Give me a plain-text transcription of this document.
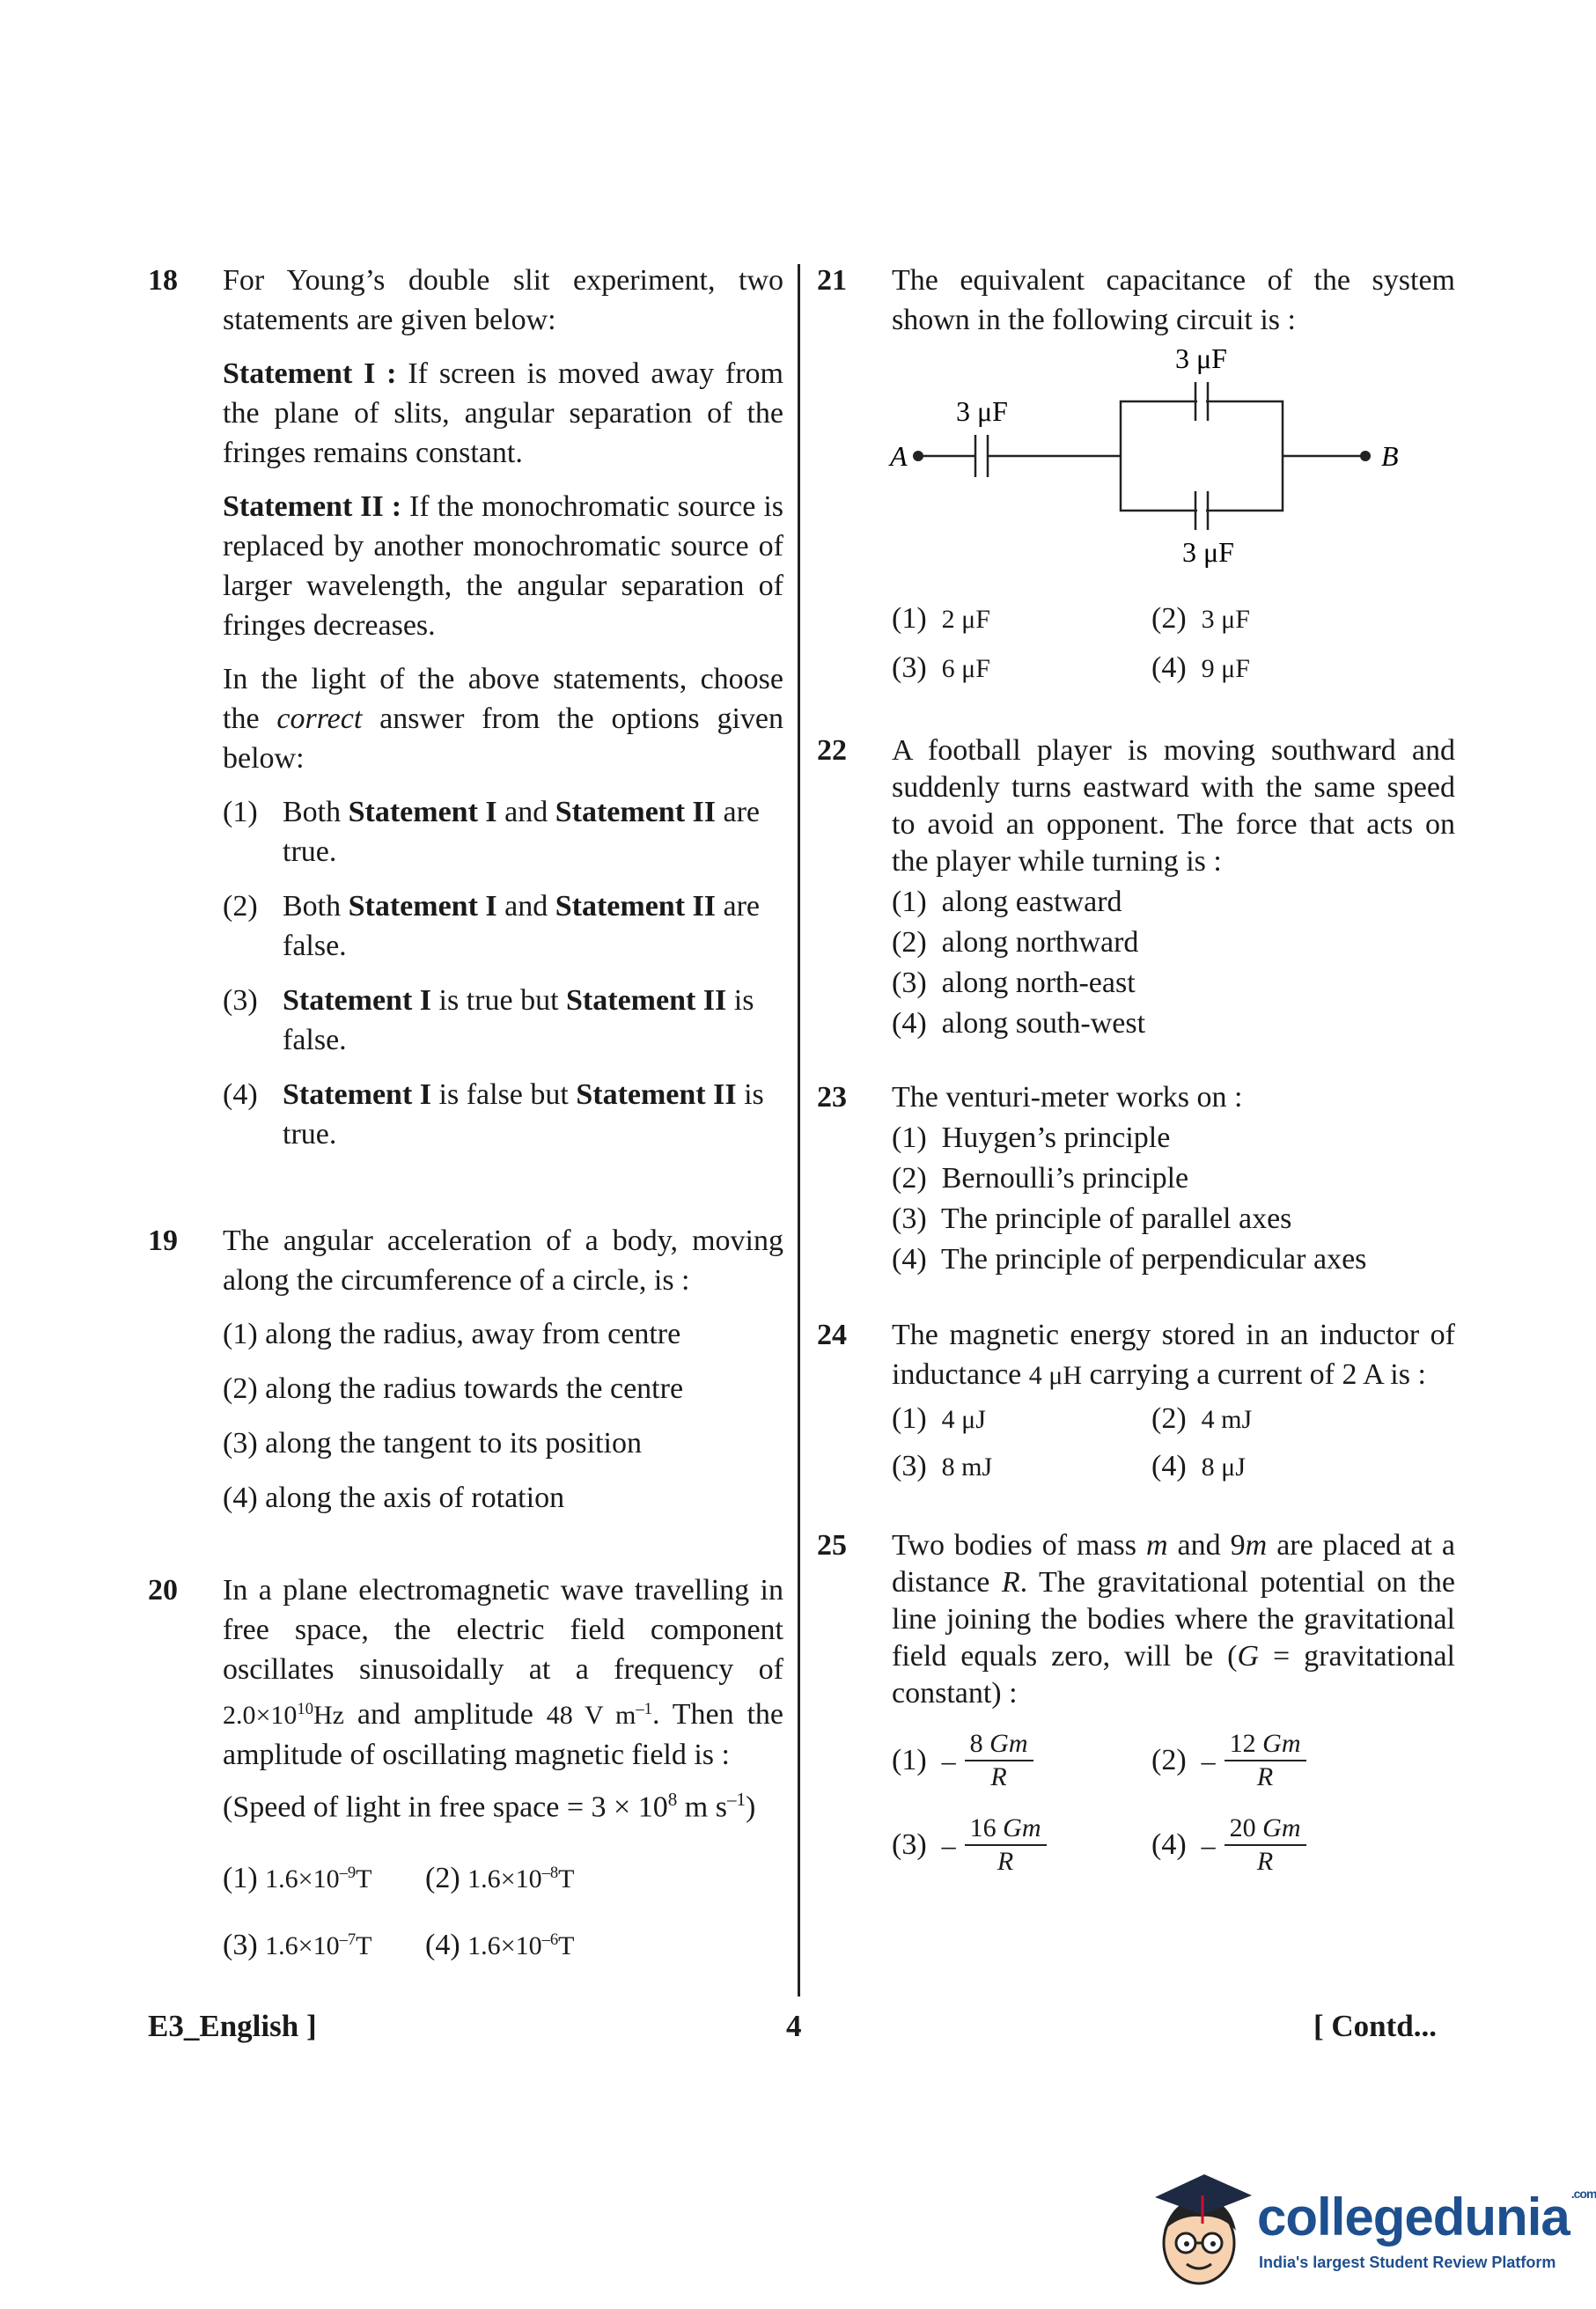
18 For Young’s double slit experiment, two statements are given below:

Statement I : If screen is moved away from the plane of slits, angular separation of the fringes remains constant.

Statement II : If the monochromatic source is replaced by another monochromatic source of larger wavelength, the angular separation of fringes decreases.

In the light of the above statements, choose the correct answer from the options given below:

(1) Both Statement I and Statement II are true.
(2) Both Statement I and Statement II are false.
(3) Statement I is true but Statement II is false.
(4) Statement I is false but Statement II is true.
19 The angular acceleration of a body, moving along the circumference of a circle, is :

(1) along the radius, away from centre
(2) along the radius towards the centre
(3) along the tangent to its position
(4) along the axis of rotation
20 In a plane electromagnetic wave travelling in free space, the electric field component oscillates sinusoidally at a frequency of $2.0\times 10^{10}Hz$ and amplitude 48 V $m^{-1}$. Then the amplitude of oscillating magnetic field is :

(Speed of light in free space = $3 \times 10^8$ m $s^{-1}$)

(1) $1.6\times 10^{-9}T$	(2) $1.6\times 10^{-8}T$
(3) $1.6\times 10^{-7}T$	(4) $1.6\times 10^{-6}T$
21 The equivalent capacitance of the system shown in the following circuit is :

A	B
3 μF
3 μF
3 μF
(1) 2 μF	(2) 3 μF
(3) 6 μF	(4) 9 μF
22 A football player is moving southward and suddenly turns eastward with the same speed to avoid an opponent. The force that acts on the player while turning is :

(1) along eastward
(2) along northward
(3) along north-east
(4) along south-west
23 The venturi-meter works on :

(1) Huygen’s principle
(2) Bernoulli’s principle
(3) The principle of parallel axes
(4) The principle of perpendicular axes
24 The magnetic energy stored in an inductor of inductance 4 μH carrying a current of 2 A is :

(1) 4 μJ	(2) 4 mJ
(3) 8 mJ	(4) 8 μJ
25 Two bodies of mass m and 9m are placed at a distance R. The gravitational potential on the line joining the bodies where the gravitational field equals zero, will be (G = gravitational constant) :

(1)
– $\frac{8 Gm}{R}$	(2)
– $\frac{12 Gm}{R}$
(3)
– $\frac{16 Gm}{R}$	(4)
– $\frac{20 Gm}{R}$
E3_English ]	4	[ Contd...
collegedunia $^{.com}$
India's largest Student Review Platform
